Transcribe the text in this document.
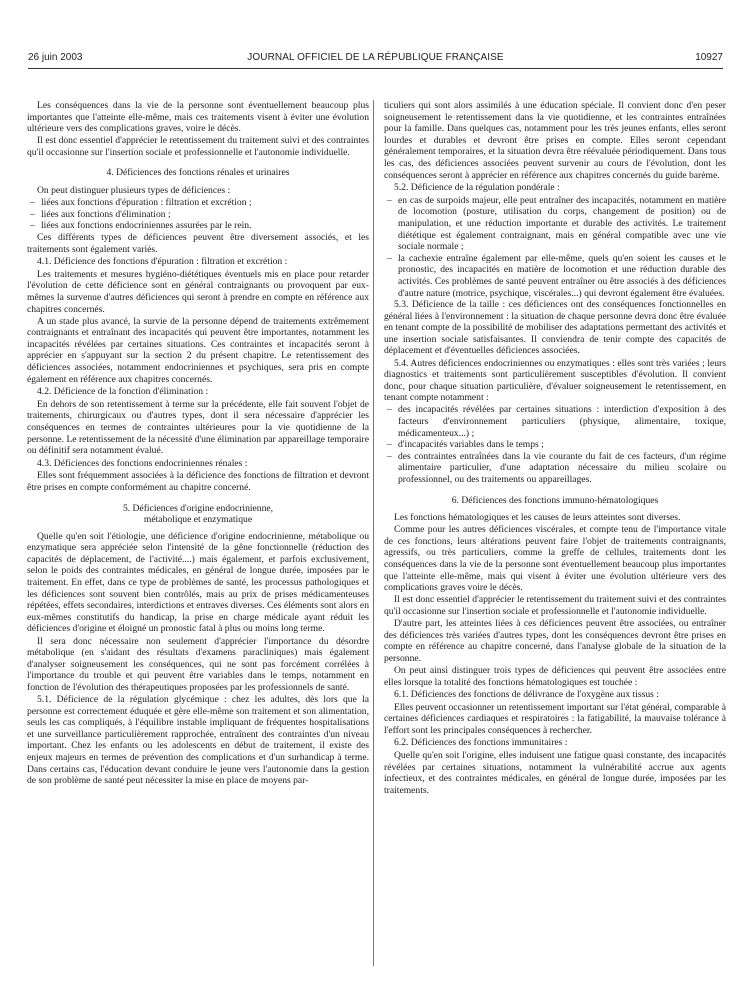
26 juin 2003	JOURNAL OFFICIEL DE LA RÉPUBLIQUE FRANÇAISE	10927

Les conséquences dans la vie de la personne sont éventuellement beaucoup plus importantes que l'atteinte elle-même, mais ces traitements visent à éviter une évolution ultérieure vers des complications graves, voire le décès.

Il est donc essentiel d'apprécier le retentissement du traitement suivi et des contraintes qu'il occasionne sur l'insertion sociale et professionnelle et l'autonomie individuelle.

4. Déficiences des fonctions rénales et urinaires

On peut distinguer plusieurs types de déficiences :

– liées aux fonctions d'épuration : filtration et excrétion ;

– liées aux fonctions d'élimination ;

– liées aux fonctions endocriniennes assurées par le rein.

Ces différents types de déficiences peuvent être diversement associés, et les traitements sont également variés.

4.1. Déficience des fonctions d'épuration : filtration et excrétion :

Les traitements et mesures hygiéno-diététiques éventuels mis en place pour retarder l'évolution de cette déficience sont en général contraignants ou provoquent par eux-mêmes la survenue d'autres déficiences qui seront à prendre en compte en référence aux chapitres concernés.

A un stade plus avancé, la survie de la personne dépend de traitements extrêmement contraignants et entraînant des incapacités qui peuvent être importantes, notamment les incapacités révélées par certaines situations. Ces contraintes et incapacités seront à apprécier en s'appuyant sur la section 2 du présent chapitre. Le retentissement des déficiences associées, notamment endocriniennes et psychiques, sera pris en compte également en référence aux chapitres concernés.

4.2. Déficience de la fonction d'élimination :

En dehors de son retentissement à terme sur la précédente, elle fait souvent l'objet de traitements, chirurgicaux ou d'autres types, dont il sera nécessaire d'apprécier les conséquences en termes de contraintes ultérieures pour la vie quotidienne de la personne. Le retentissement de la nécessité d'une élimination par appareillage temporaire ou définitif sera notamment évalué.

4.3. Déficiences des fonctions endocriniennes rénales :

Elles sont fréquemment associées à la déficience des fonctions de filtration et devront être prises en compte conformément au chapitre concerné.

5. Déficiences d'origine endocrinienne,

métabolique et enzymatique

Quelle qu'en soit l'étiologie, une déficience d'origine endocrinienne, métabolique ou enzymatique sera appréciée selon l'intensité de la gêne fonctionnelle (réduction des capacités de déplacement, de l'activité....) mais également, et parfois exclusivement, selon le poids des contraintes médicales, en général de longue durée, imposées par le traitement. En effet, dans ce type de problèmes de santé, les processus pathologiques et les déficiences sont souvent bien contrôlés, mais au prix de prises médicamenteuses répétées, effets secondaires, interdictions et entraves diverses. Ces éléments sont alors en eux-mêmes constitutifs du handicap, la prise en charge médicale ayant réduit les déficiences d'origine et éloigné un pronostic fatal à plus ou moins long terme.

Il sera donc nécessaire non seulement d'apprécier l'importance du désordre métabolique (en s'aidant des résultats d'examens paracliniques) mais également d'analyser soigneusement les conséquences, qui ne sont pas forcément corrélées à l'importance du trouble et qui peuvent être variables dans le temps, notamment en fonction de l'évolution des thérapeutiques proposées par les professionnels de santé.

5.1. Déficience de la régulation glycémique : chez les adultes, dès lors que la personne est correctement éduquée et gère elle-même son traitement et son alimentation, seuls les cas compliqués, à l'équilibre instable impliquant de fréquentes hospitalisations et une surveillance particulièrement rapprochée, entraînent des contraintes d'un niveau important. Chez les enfants ou les adolescents en début de traitement, il existe des enjeux majeurs en termes de prévention des complications et d'un surhandicap à terme. Dans certains cas, l'éducation devant conduire le jeune vers l'autonomie dans la gestion de son problème de santé peut nécessiter la mise en place de moyens par-

ticuliers qui sont alors assimilés à une éducation spéciale. Il convient donc d'en peser soigneusement le retentissement dans la vie quotidienne, et les contraintes entraînées pour la famille. Dans quelques cas, notamment pour les très jeunes enfants, elles seront lourdes et durables et devront être prises en compte. Elles seront cependant généralement temporaires, et la situation devra être réévaluée périodiquement. Dans tous les cas, des déficiences associées peuvent survenir au cours de l'évolution, dont les conséquences seront à apprécier en référence aux chapitres concernés du guide barème.

5.2. Déficience de la régulation pondérale :

– en cas de surpoids majeur, elle peut entraîner des incapacités, notamment en matière de locomotion (posture, utilisation du corps, changement de position) ou de manipulation, et une réduction importante et durable des activités. Le traitement diététique est également contraignant, mais en général compatible avec une vie sociale normale ;

– la cachexie entraîne également par elle-même, quels qu'en soient les causes et le pronostic, des incapacités en matière de locomotion et une réduction durable des activités. Ces problèmes de santé peuvent entraîner ou être associés à des déficiences d'autre nature (motrice, psychique, viscérales...) qui devront également être évaluées.

5.3. Déficience de la taille : ces déficiences ont des conséquences fonctionnelles en général liées à l'environnement : la situation de chaque personne devra donc être évaluée en tenant compte de la possibilité de mobiliser des adaptations permettant des activités et une insertion sociale satisfaisantes. Il conviendra de tenir compte des capacités de déplacement et d'éventuelles déficiences associées.

5.4. Autres déficiences endocriniennes ou enzymatiques : elles sont très variées ; leurs diagnostics et traitements sont particulièrement susceptibles d'évolution. Il convient donc, pour chaque situation particulière, d'évaluer soigneusement le retentissement, en tenant compte notamment :

– des incapacités révélées par certaines situations : interdiction d'exposition à des facteurs d'environnement particuliers (physique, alimentaire, toxique, médicamenteux...) ;

– d'incapacités variables dans le temps ;

– des contraintes entraînées dans la vie courante du fait de ces facteurs, d'un régime alimentaire particulier, d'une adaptation nécessaire du milieu scolaire ou professionnel, ou des traitements ou appareillages.

6. Déficiences des fonctions immuno-hématologiques

Les fonctions hématologiques et les causes de leurs atteintes sont diverses.

Comme pour les autres déficiences viscérales, et compte tenu de l'importance vitale de ces fonctions, leurs altérations peuvent faire l'objet de traitements contraignants, agressifs, ou très particuliers, comme la greffe de cellules, traitements dont les conséquences dans la vie de la personne sont éventuellement beaucoup plus importantes que l'atteinte elle-même, mais qui visent à éviter une évolution ultérieure vers des complications graves voire le décès.

Il est donc essentiel d'apprécier le retentissement du traitement suivi et des contraintes qu'il occasionne sur l'insertion sociale et professionnelle et l'autonomie individuelle.

D'autre part, les atteintes liées à ces déficiences peuvent être associées, ou entraîner des déficiences très variées d'autres types, dont les conséquences devront être prises en compte en référence au chapitre concerné, dans l'analyse globale de la situation de la personne.

On peut ainsi distinguer trois types de déficiences qui peuvent être associées entre elles lorsque la totalité des fonctions hématologiques est touchée :

6.1. Déficiences des fonctions de délivrance de l'oxygène aux tissus :

Elles peuvent occasionner un retentissement important sur l'état général, comparable à certaines déficiences cardiaques et respiratoires : la fatigabilité, la mauvaise tolérance à l'effort sont les principales conséquences à rechercher.

6.2. Déficiences des fonctions immunitaires :

Quelle qu'en soit l'origine, elles induisent une fatigue quasi constante, des incapacités révélées par certaines situations, notamment la vulnérabilité accrue aux agents infectieux, et des contraintes médicales, en général de longue durée, imposées par les traitements.
